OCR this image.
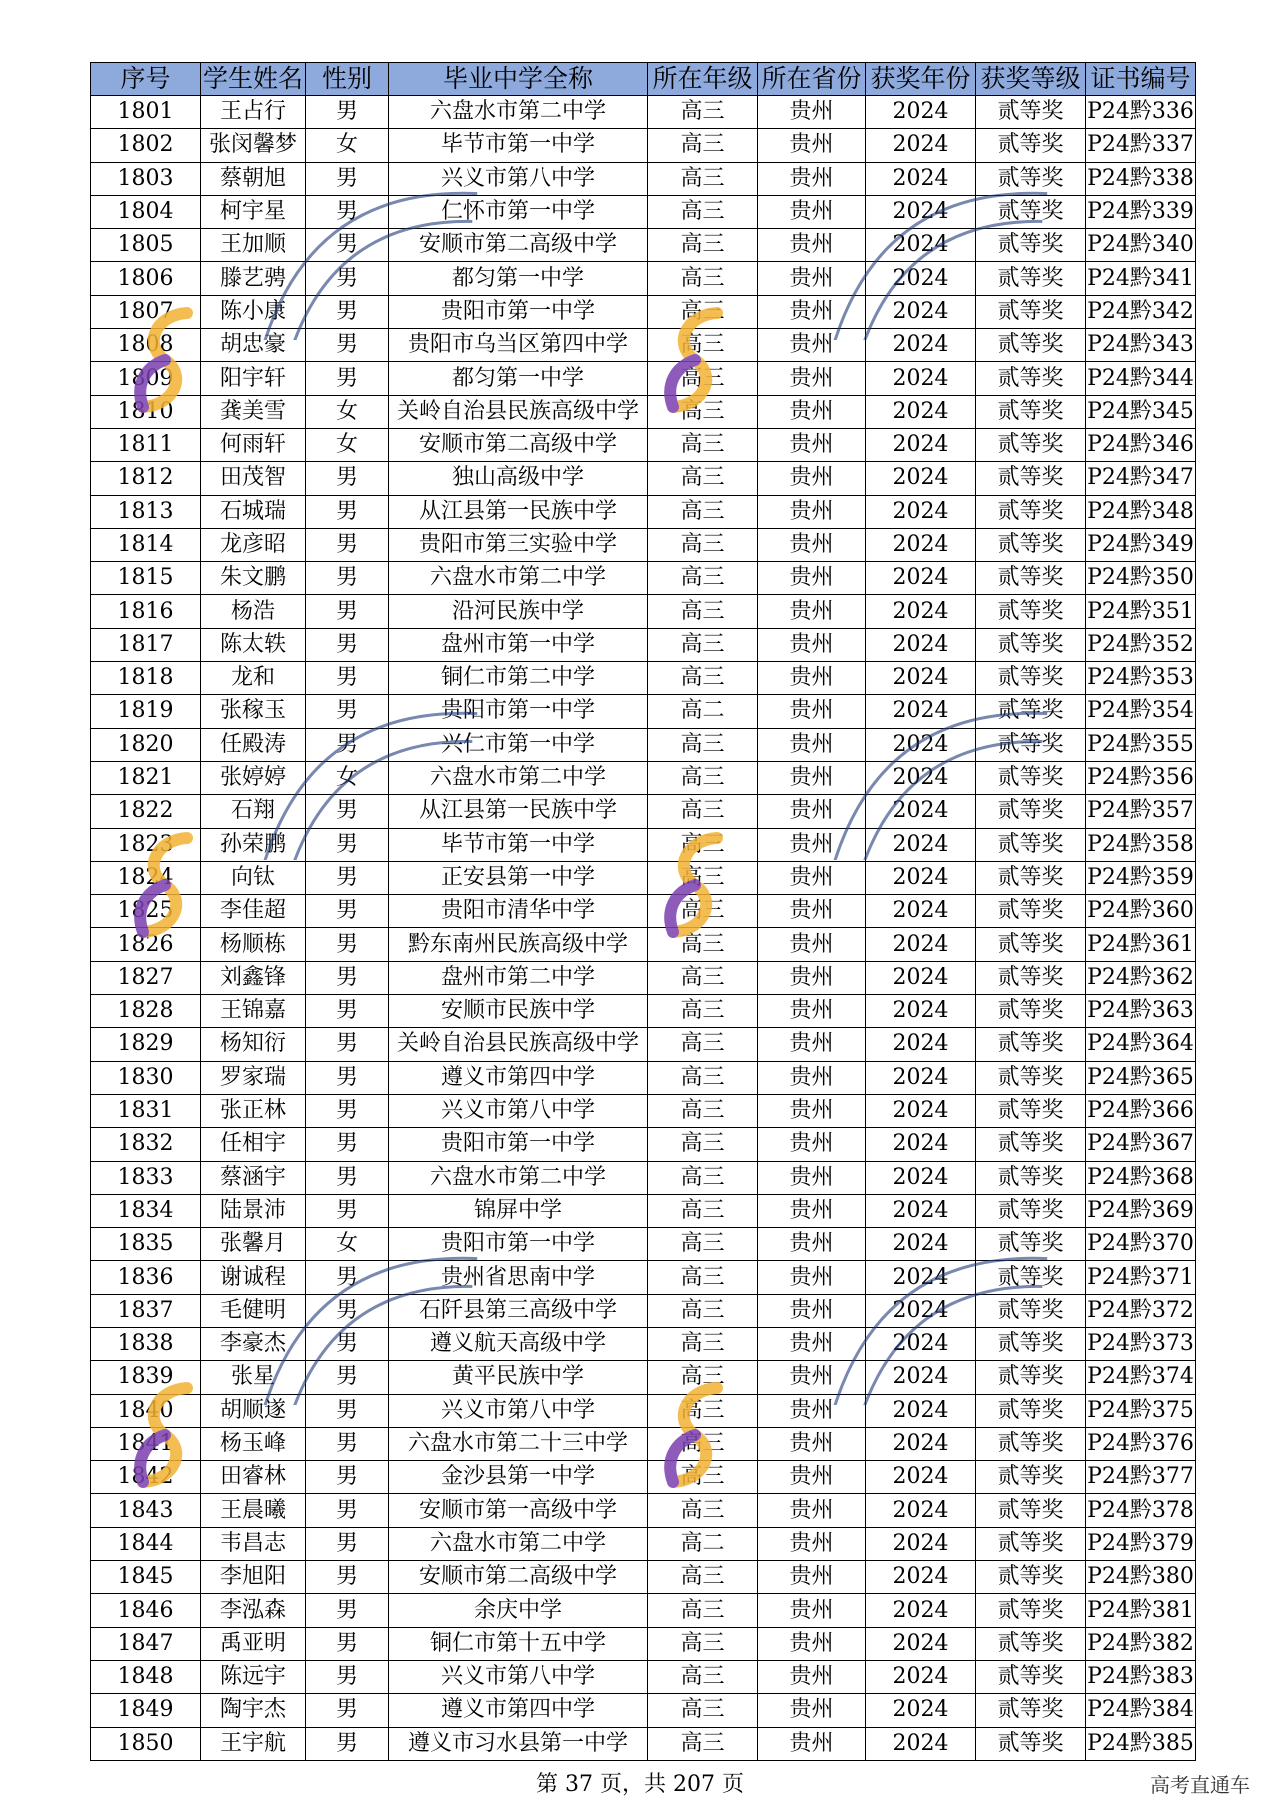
序号	学生姓名	性别	毕业中学全称	所在年级	所在省份	获奖年份	获奖等级	证书编号
1801	王占行	男	六盘水市第二中学	高三	贵州	2024	贰等奖	P24黔336
1802	张闵馨梦	女	毕节市第一中学	高三	贵州	2024	贰等奖	P24黔337
1803	蔡朝旭	男	兴义市第八中学	高三	贵州	2024	贰等奖	P24黔338
1804	柯宇星	男	仁怀市第一中学	高三	贵州	2024	贰等奖	P24黔339
1805	王加顺	男	安顺市第二高级中学	高三	贵州	2024	贰等奖	P24黔340
1806	滕艺骋	男	都匀第一中学	高三	贵州	2024	贰等奖	P24黔341
1807	陈小康	男	贵阳市第一中学	高三	贵州	2024	贰等奖	P24黔342
1808	胡忠豪	男	贵阳市乌当区第四中学	高三	贵州	2024	贰等奖	P24黔343
1809	阳宇轩	男	都匀第一中学	高三	贵州	2024	贰等奖	P24黔344
1810	龚美雪	女	关岭自治县民族高级中学	高三	贵州	2024	贰等奖	P24黔345
1811	何雨轩	女	安顺市第二高级中学	高三	贵州	2024	贰等奖	P24黔346
1812	田茂智	男	独山高级中学	高三	贵州	2024	贰等奖	P24黔347
1813	石城瑞	男	从江县第一民族中学	高三	贵州	2024	贰等奖	P24黔348
1814	龙彦昭	男	贵阳市第三实验中学	高三	贵州	2024	贰等奖	P24黔349
1815	朱文鹏	男	六盘水市第二中学	高三	贵州	2024	贰等奖	P24黔350
1816	杨浩	男	沿河民族中学	高三	贵州	2024	贰等奖	P24黔351
1817	陈太轶	男	盘州市第一中学	高三	贵州	2024	贰等奖	P24黔352
1818	龙和	男	铜仁市第二中学	高三	贵州	2024	贰等奖	P24黔353
1819	张稼玉	男	贵阳市第一中学	高二	贵州	2024	贰等奖	P24黔354
1820	任殿涛	男	兴仁市第一中学	高三	贵州	2024	贰等奖	P24黔355
1821	张婷婷	女	六盘水市第二中学	高三	贵州	2024	贰等奖	P24黔356
1822	石翔	男	从江县第一民族中学	高三	贵州	2024	贰等奖	P24黔357
1823	孙荣鹏	男	毕节市第一中学	高三	贵州	2024	贰等奖	P24黔358
1824	向钛	男	正安县第一中学	高三	贵州	2024	贰等奖	P24黔359
1825	李佳超	男	贵阳市清华中学	高三	贵州	2024	贰等奖	P24黔360
1826	杨顺栋	男	黔东南州民族高级中学	高三	贵州	2024	贰等奖	P24黔361
1827	刘鑫锋	男	盘州市第二中学	高三	贵州	2024	贰等奖	P24黔362
1828	王锦嘉	男	安顺市民族中学	高三	贵州	2024	贰等奖	P24黔363
1829	杨知衍	男	关岭自治县民族高级中学	高三	贵州	2024	贰等奖	P24黔364
1830	罗家瑞	男	遵义市第四中学	高三	贵州	2024	贰等奖	P24黔365
1831	张正林	男	兴义市第八中学	高三	贵州	2024	贰等奖	P24黔366
1832	任相宇	男	贵阳市第一中学	高三	贵州	2024	贰等奖	P24黔367
1833	蔡涵宇	男	六盘水市第二中学	高三	贵州	2024	贰等奖	P24黔368
1834	陆景沛	男	锦屏中学	高三	贵州	2024	贰等奖	P24黔369
1835	张馨月	女	贵阳市第一中学	高三	贵州	2024	贰等奖	P24黔370
1836	谢诚程	男	贵州省思南中学	高三	贵州	2024	贰等奖	P24黔371
1837	毛健明	男	石阡县第三高级中学	高三	贵州	2024	贰等奖	P24黔372
1838	李豪杰	男	遵义航天高级中学	高三	贵州	2024	贰等奖	P24黔373
1839	张星	男	黄平民族中学	高三	贵州	2024	贰等奖	P24黔374
1840	胡顺遂	男	兴义市第八中学	高三	贵州	2024	贰等奖	P24黔375
1841	杨玉峰	男	六盘水市第二十三中学	高三	贵州	2024	贰等奖	P24黔376
1842	田睿林	男	金沙县第一中学	高三	贵州	2024	贰等奖	P24黔377
1843	王晨曦	男	安顺市第一高级中学	高三	贵州	2024	贰等奖	P24黔378
1844	韦昌志	男	六盘水市第二中学	高二	贵州	2024	贰等奖	P24黔379
1845	李旭阳	男	安顺市第二高级中学	高三	贵州	2024	贰等奖	P24黔380
1846	李泓森	男	余庆中学	高三	贵州	2024	贰等奖	P24黔381
1847	禹亚明	男	铜仁市第十五中学	高三	贵州	2024	贰等奖	P24黔382
1848	陈远宇	男	兴义市第八中学	高三	贵州	2024	贰等奖	P24黔383
1849	陶宇杰	男	遵义市第四中学	高三	贵州	2024	贰等奖	P24黔384
1850	王宇航	男	遵义市习水县第一中学	高三	贵州	2024	贰等奖	P24黔385
第 37 页，共 207 页	高考直通车
